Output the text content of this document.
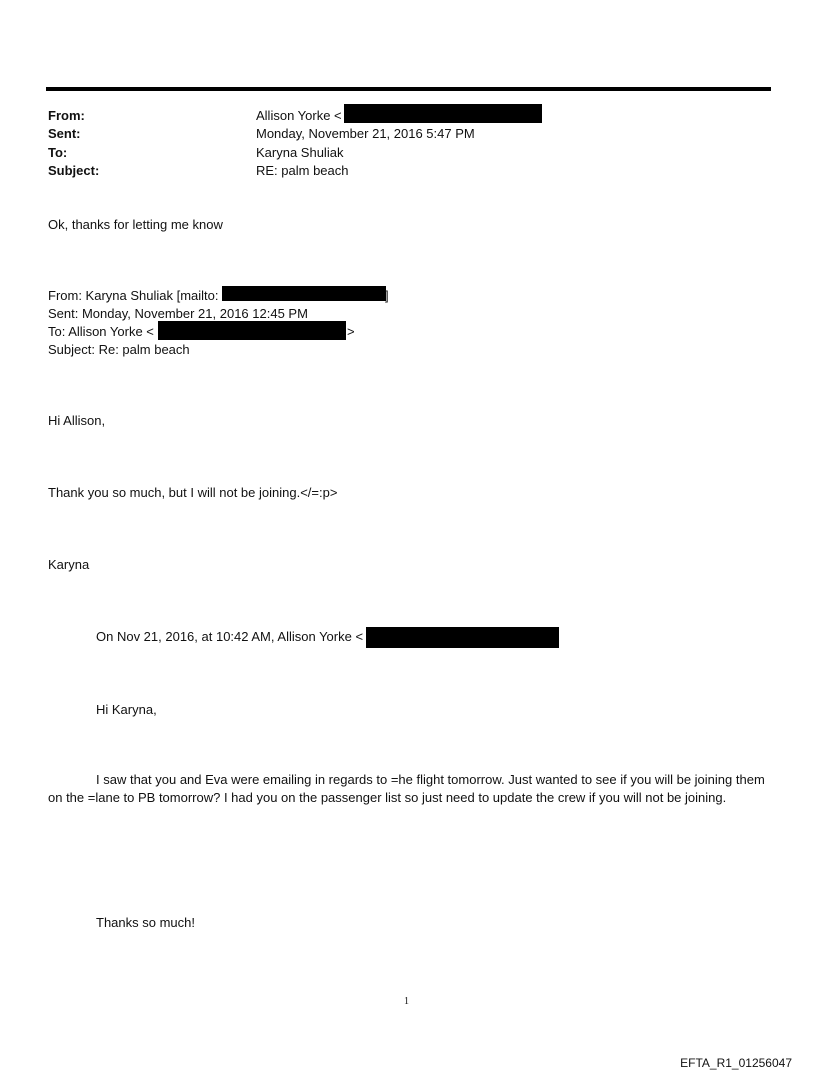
From:	Allison Yorke <
Sent:	Monday, November 21, 2016 5:47 PM
To:	Karyna Shuliak
Subject:	RE: palm beach
Ok, thanks for letting me know
From: Karyna Shuliak [mailto:	]
Sent: Monday, November 21, 2016 12:45 PM
To: Allison Yorke <	>
Subject: Re: palm beach
Hi Allison,
Thank you so much, but I will not be joining.</=:p>
Karyna
On Nov 21, 2016, at 10:42 AM, Allison Yorke <
Hi Karyna,
I saw that you and Eva were emailing in regards to =he flight tomorrow. Just wanted to see if you will be joining them on the =lane to PB tomorrow? I had you on the passenger list so just need to update the crew if you will not be joining.
Thanks so much!
1
EFTA_R1_01256047
